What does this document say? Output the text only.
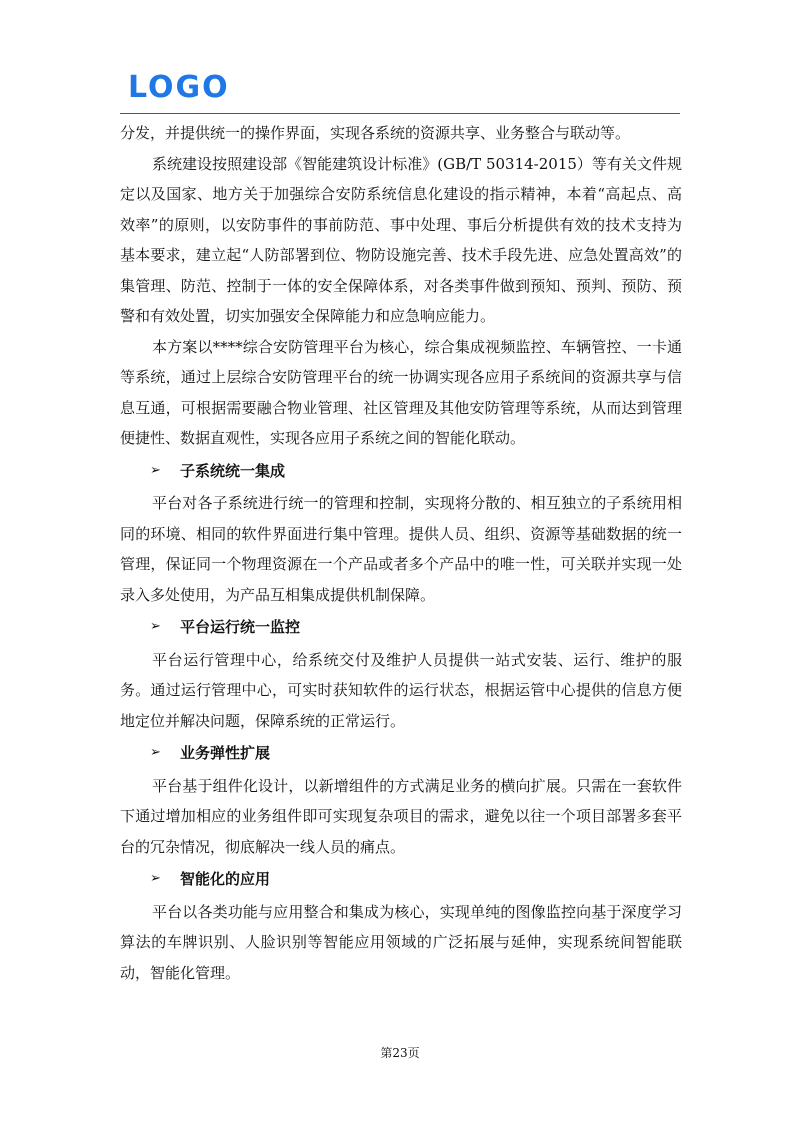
LOGO

分发，并提供统一的操作界面，实现各系统的资源共享、业务整合与联动等。

系统建设按照建设部《智能建筑设计标准》(GB/T 50314-2015）等有关文件规定以及国家、地方关于加强综合安防系统信息化建设的指示精神，本着“高起点、高效率”的原则，以安防事件的事前防范、事中处理、事后分析提供有效的技术支持为基本要求，建立起“人防部署到位、物防设施完善、技术手段先进、应急处置高效”的集管理、防范、控制于一体的安全保障体系，对各类事件做到预知、预判、预防、预警和有效处置，切实加强安全保障能力和应急响应能力。

本方案以****综合安防管理平台为核心，综合集成视频监控、车辆管控、一卡通等系统，通过上层综合安防管理平台的统一协调实现各应用子系统间的资源共享与信息互通，可根据需要融合物业管理、社区管理及其他安防管理等系统，从而达到管理便捷性、数据直观性，实现各应用子系统之间的智能化联动。

➢	子系统统一集成

平台对各子系统进行统一的管理和控制，实现将分散的、相互独立的子系统用相同的环境、相同的软件界面进行集中管理。提供人员、组织、资源等基础数据的统一管理，保证同一个物理资源在一个产品或者多个产品中的唯一性，可关联并实现一处录入多处使用，为产品互相集成提供机制保障。

➢	平台运行统一监控

平台运行管理中心，给系统交付及维护人员提供一站式安装、运行、维护的服务。通过运行管理中心，可实时获知软件的运行状态，根据运管中心提供的信息方便地定位并解决问题，保障系统的正常运行。

➢	业务弹性扩展

平台基于组件化设计，以新增组件的方式满足业务的横向扩展。只需在一套软件下通过增加相应的业务组件即可实现复杂项目的需求，避免以往一个项目部署多套平台的冗杂情况，彻底解决一线人员的痛点。

➢	智能化的应用

平台以各类功能与应用整合和集成为核心，实现单纯的图像监控向基于深度学习算法的车牌识别、人脸识别等智能应用领域的广泛拓展与延伸，实现系统间智能联动，智能化管理。

第23页
